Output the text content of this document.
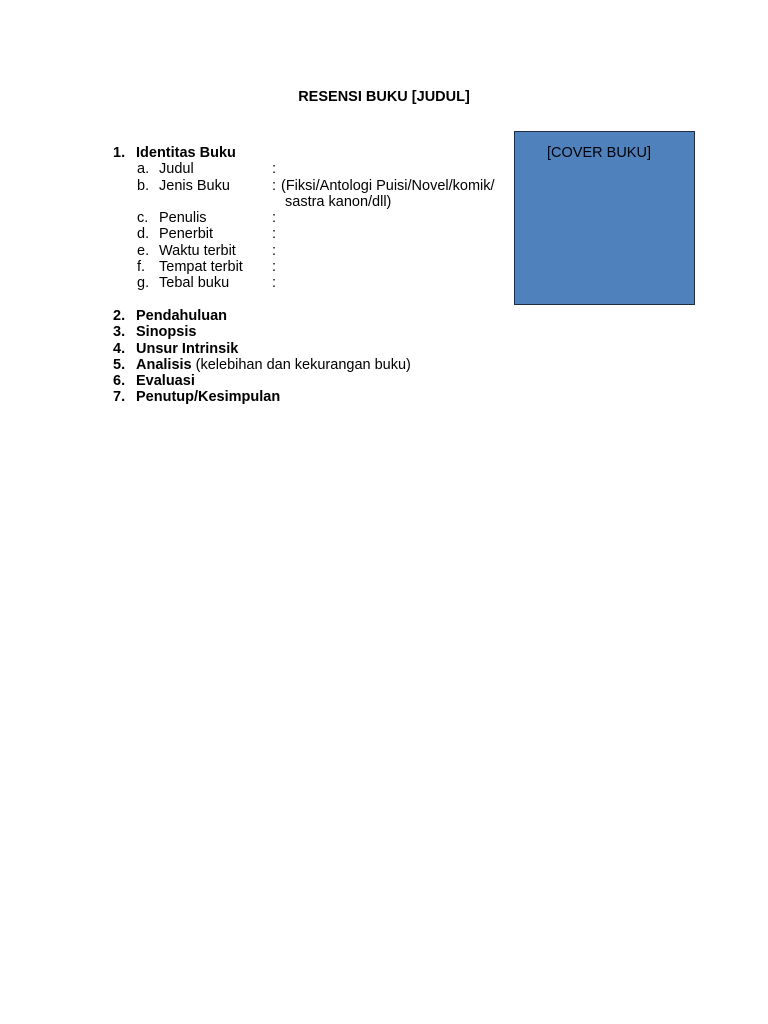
RESENSI BUKU [JUDUL]
[COVER BUKU]
1. Identitas Buku
a. Judul	:
b. Jenis Buku	: (Fiksi/Antologi Puisi/Novel/komik/
sastra kanon/dll)
c. Penulis	:
d. Penerbit	:
e. Waktu terbit :
f. Tempat terbit :
g. Tebal buku	:
2. Pendahuluan
3. Sinopsis
4. Unsur Intrinsik
5. Analisis (kelebihan dan kekurangan buku)
6. Evaluasi
7. Penutup/Kesimpulan
